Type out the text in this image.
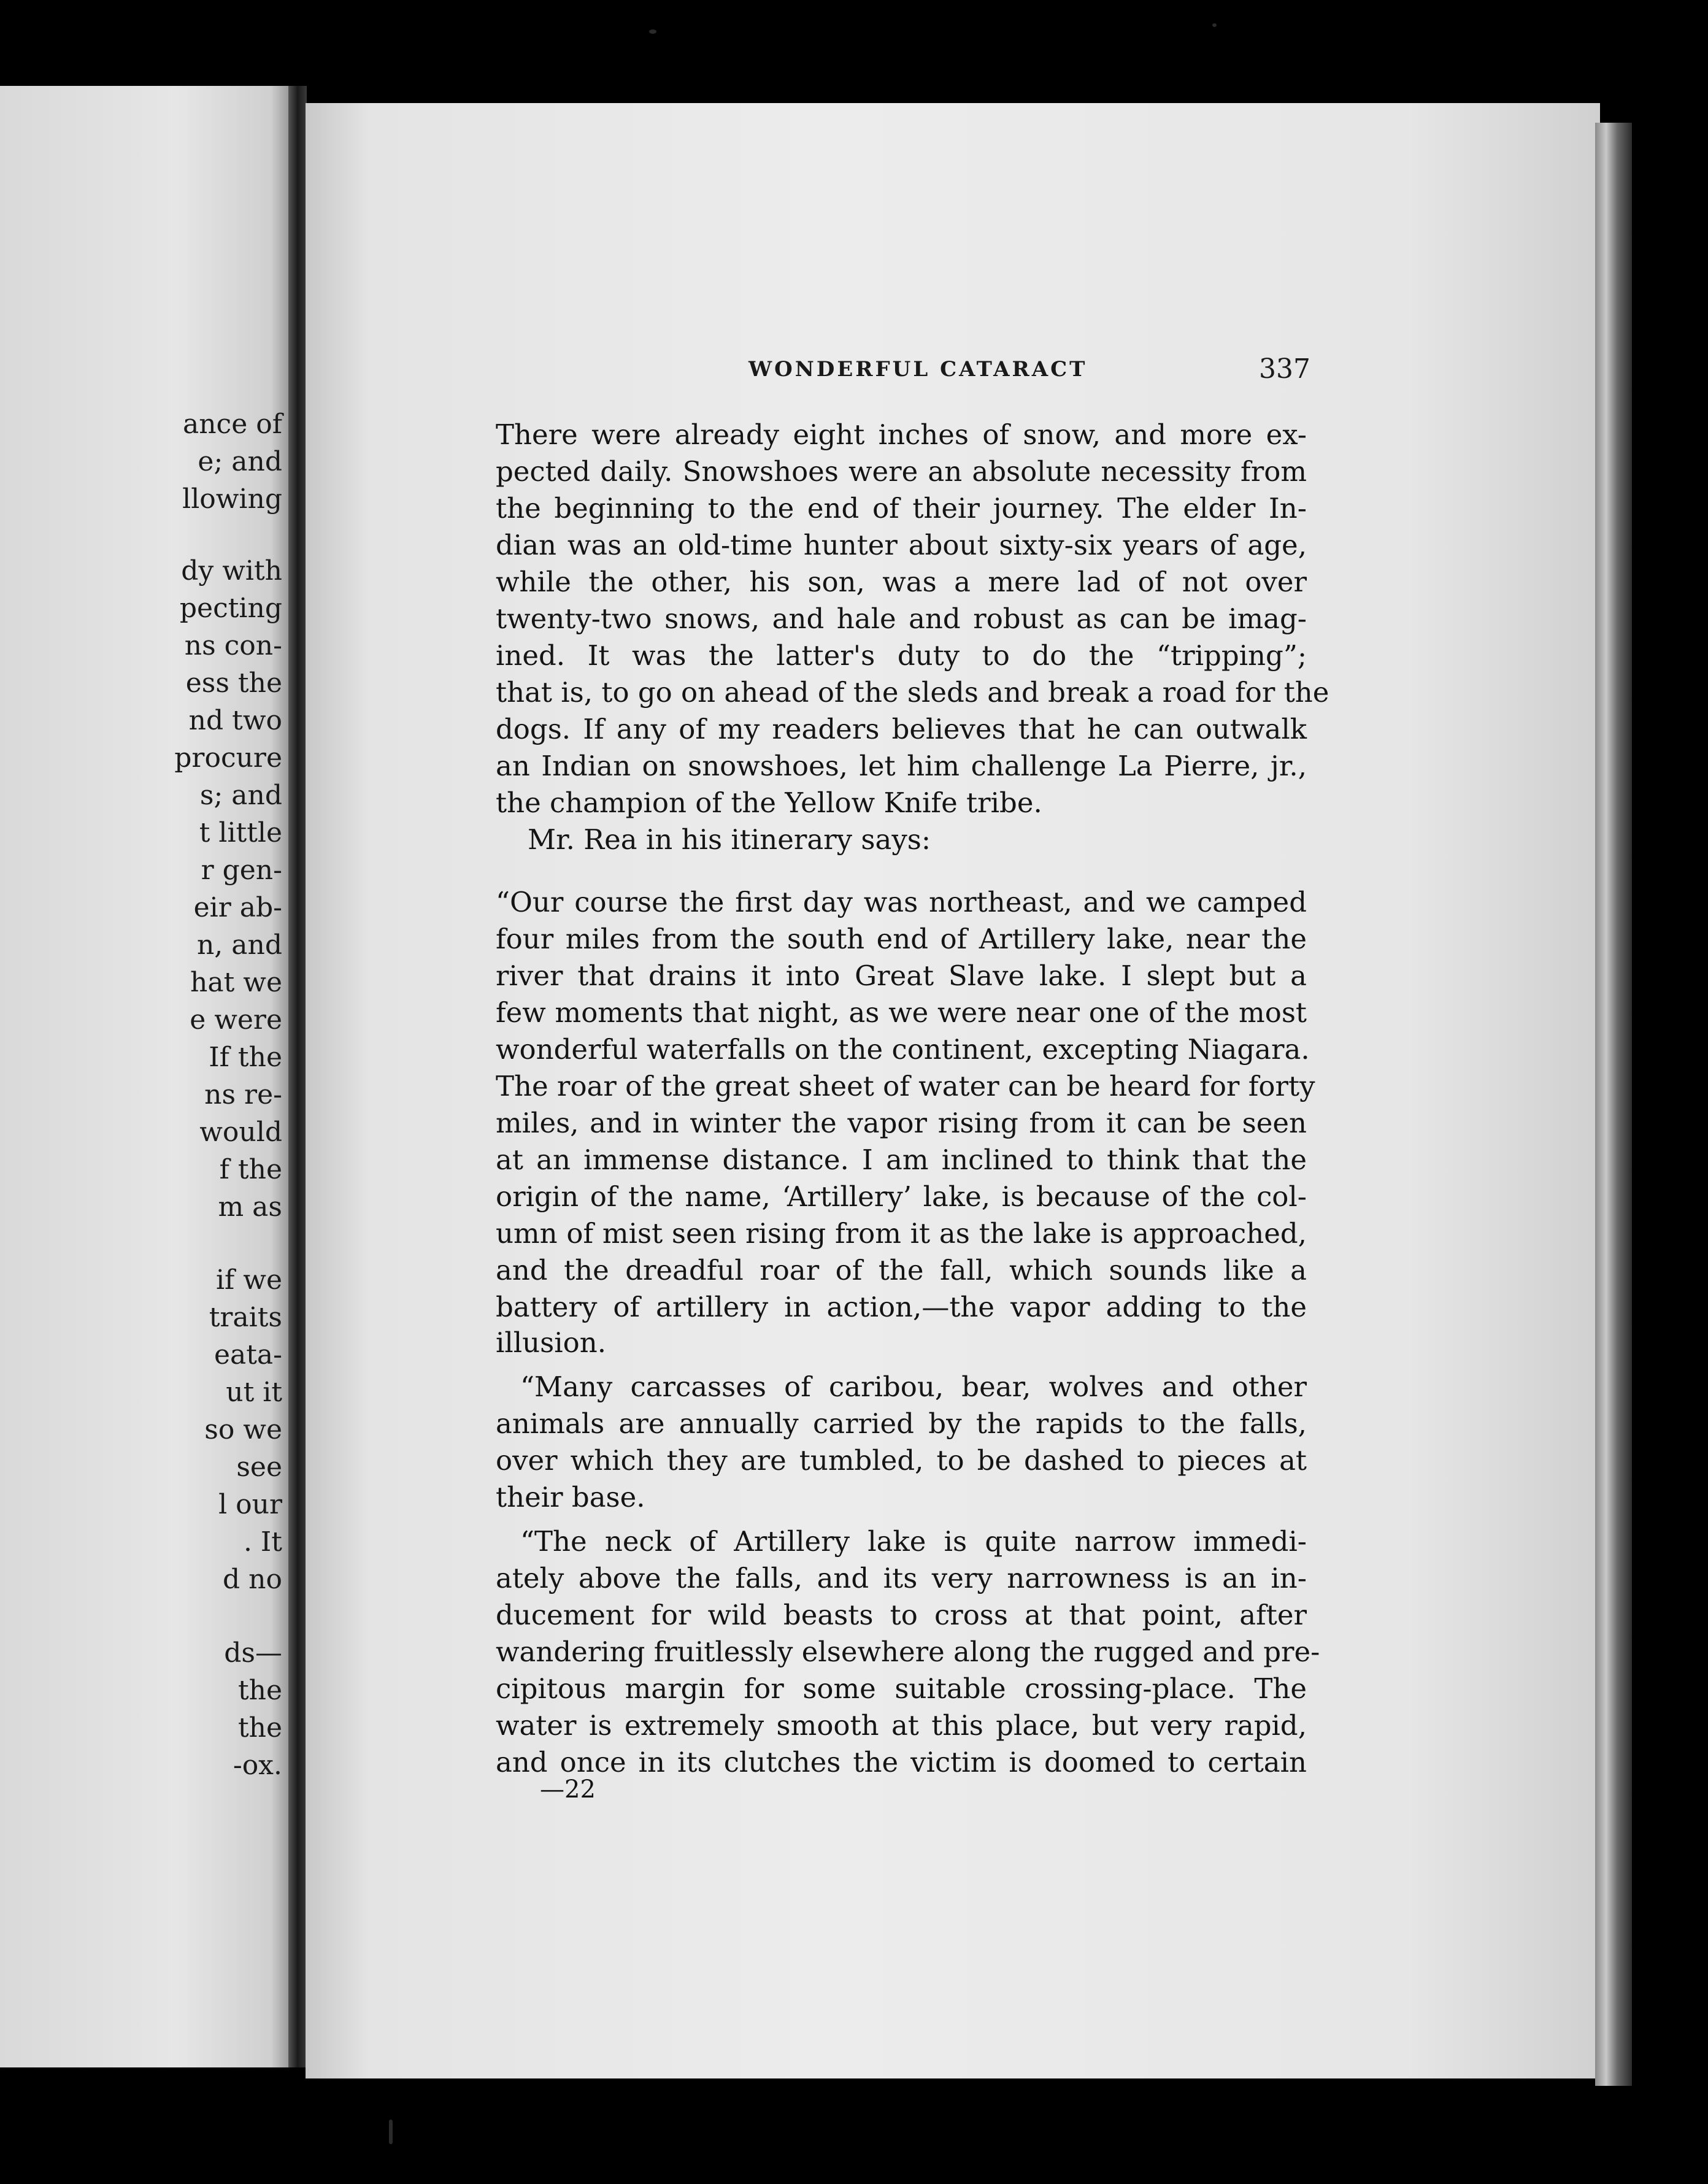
ance of
e; and
llowing
dy with
pecting
ns con-
ess the
nd two
procure
s; and
t little
r gen-
eir ab-
n, and
hat we
e were
If the
ns re-
would
f the
m as
if we
traits
eata-
ut it
so we
see
l our
. It
d no
ds—
the
the
-ox.
WONDERFUL CATARACT	337
—22
There were already eight inches of snow, and more ex-
pected daily. Snowshoes were an absolute necessity from
the beginning to the end of their journey. The elder In-
dian was an old-time hunter about sixty-six years of age,
while the other, his son, was a mere lad of not over
twenty-two snows, and hale and robust as can be imag-
ined. It was the latter's duty to do the “tripping”;
that is, to go on ahead of the sleds and break a road for the
dogs. If any of my readers believes that he can outwalk
an Indian on snowshoes, let him challenge La Pierre, jr.,
the champion of the Yellow Knife tribe.
Mr. Rea in his itinerary says:
“Our course the first day was northeast, and we camped
four miles from the south end of Artillery lake, near the
river that drains it into Great Slave lake. I slept but a
few moments that night, as we were near one of the most
wonderful waterfalls on the continent, excepting Niagara.
The roar of the great sheet of water can be heard for forty
miles, and in winter the vapor rising from it can be seen
at an immense distance. I am inclined to think that the
origin of the name, ‘Artillery’ lake, is because of the col-
umn of mist seen rising from it as the lake is approached,
and the dreadful roar of the fall, which sounds like a
battery of artillery in action,—the vapor adding to the
illusion.
“Many carcasses of caribou, bear, wolves and other
animals are annually carried by the rapids to the falls,
over which they are tumbled, to be dashed to pieces at
their base.
“The neck of Artillery lake is quite narrow immedi-
ately above the falls, and its very narrowness is an in-
ducement for wild beasts to cross at that point, after
wandering fruitlessly elsewhere along the rugged and pre-
cipitous margin for some suitable crossing-place. The
water is extremely smooth at this place, but very rapid,
and once in its clutches the victim is doomed to certain
